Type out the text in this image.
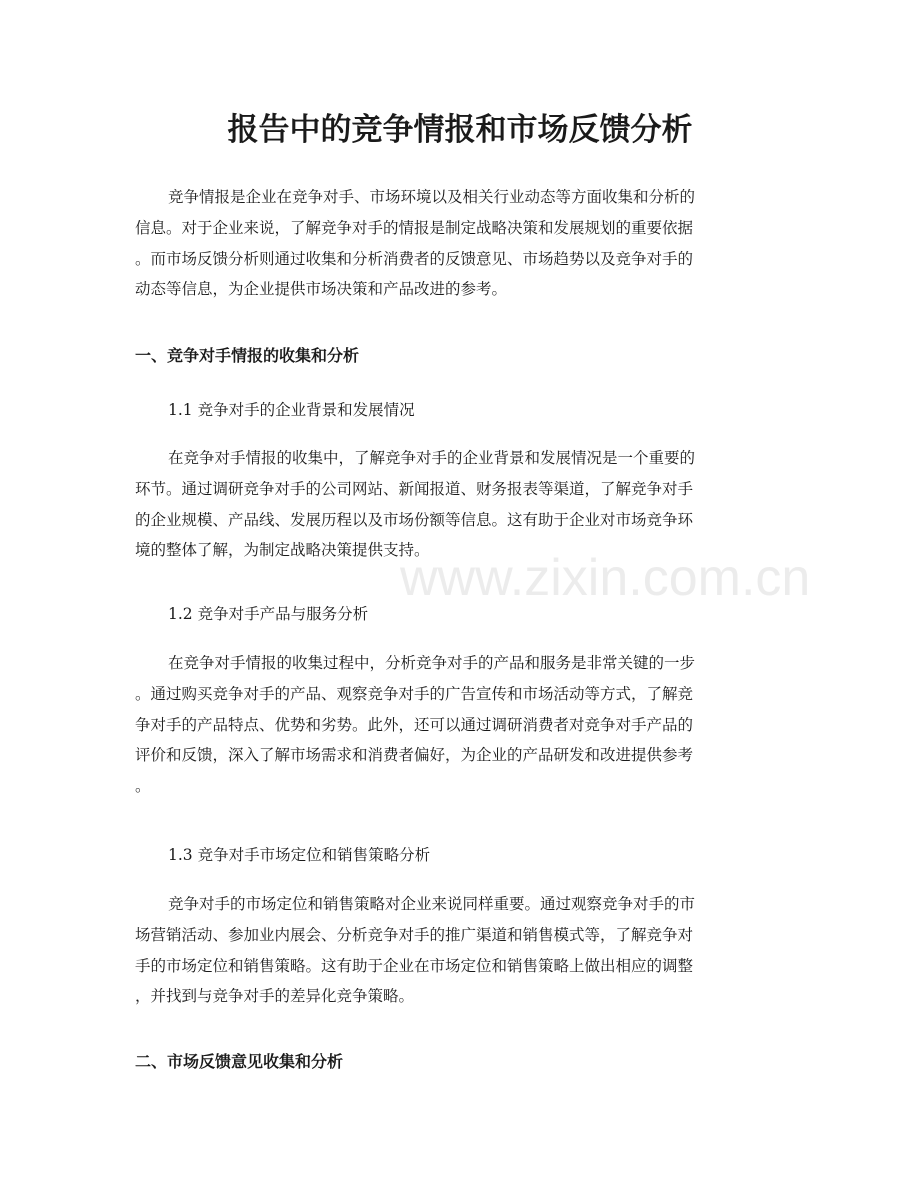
报告中的竞争情报和市场反馈分析

竞争情报是企业在竞争对手、市场环境以及相关行业动态等方面收集和分析的
信息。对于企业来说，了解竞争对手的情报是制定战略决策和发展规划的重要依据
。而市场反馈分析则通过收集和分析消费者的反馈意见、市场趋势以及竞争对手的
动态等信息，为企业提供市场决策和产品改进的参考。

一、竞争对手情报的收集和分析

1.1 竞争对手的企业背景和发展情况

在竞争对手情报的收集中，了解竞争对手的企业背景和发展情况是一个重要的
环节。通过调研竞争对手的公司网站、新闻报道、财务报表等渠道，了解竞争对手
的企业规模、产品线、发展历程以及市场份额等信息。这有助于企业对市场竞争环
境的整体了解，为制定战略决策提供支持。

1.2 竞争对手产品与服务分析

在竞争对手情报的收集过程中，分析竞争对手的产品和服务是非常关键的一步
。通过购买竞争对手的产品、观察竞争对手的广告宣传和市场活动等方式，了解竞
争对手的产品特点、优势和劣势。此外，还可以通过调研消费者对竞争对手产品的
评价和反馈，深入了解市场需求和消费者偏好，为企业的产品研发和改进提供参考
。

1.3 竞争对手市场定位和销售策略分析

竞争对手的市场定位和销售策略对企业来说同样重要。通过观察竞争对手的市
场营销活动、参加业内展会、分析竞争对手的推广渠道和销售模式等，了解竞争对
手的市场定位和销售策略。这有助于企业在市场定位和销售策略上做出相应的调整
，并找到与竞争对手的差异化竞争策略。

二、市场反馈意见收集和分析
www.zixin.com.cn
